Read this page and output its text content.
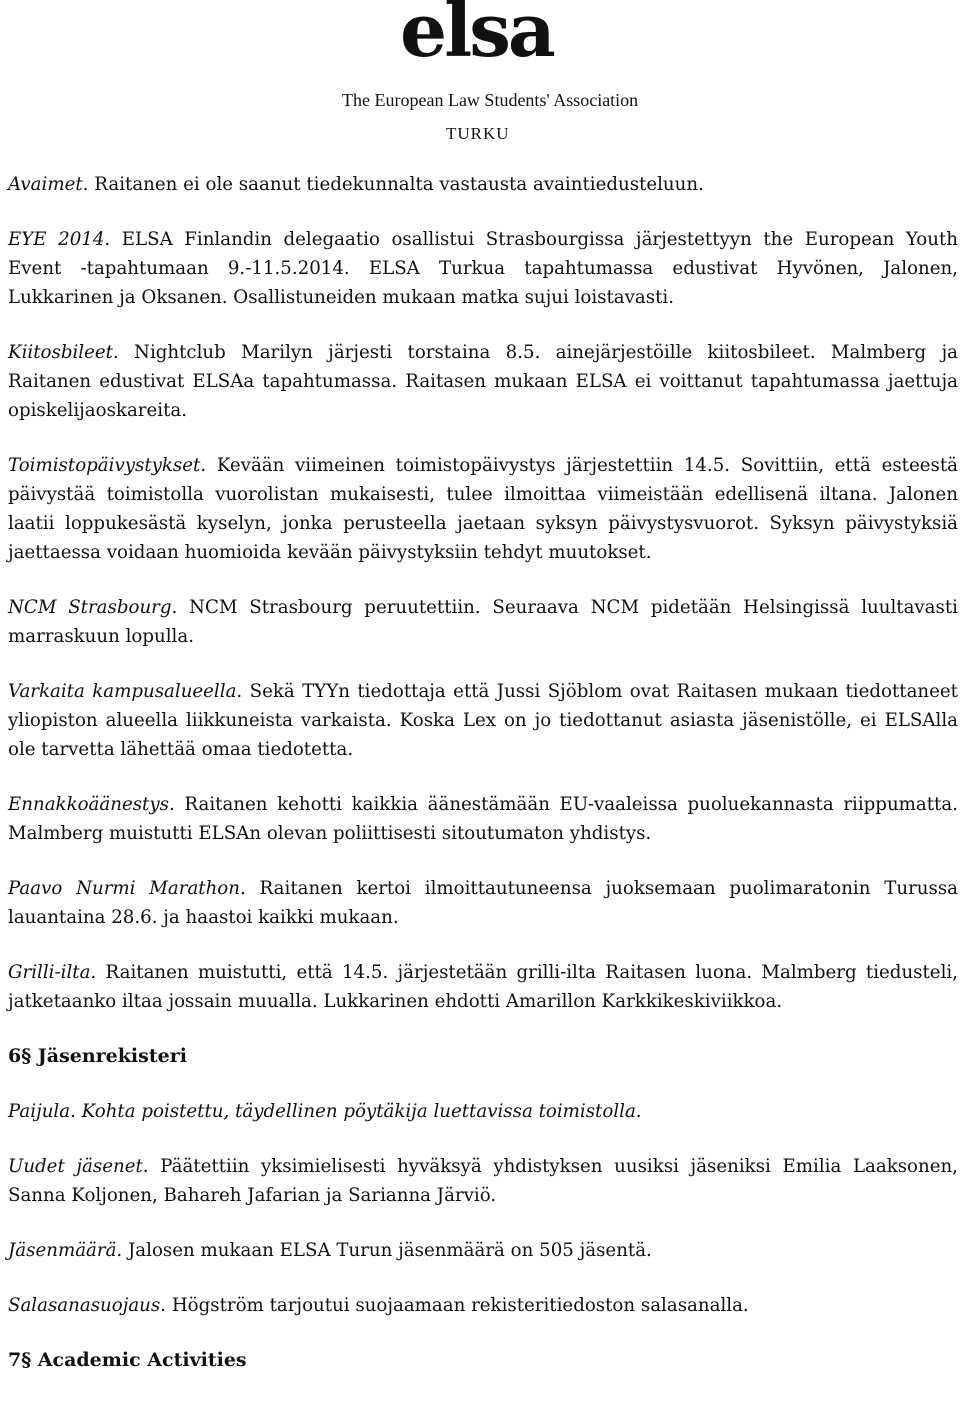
elsa
The European Law Students' Association
TURKU

Avaimet. Raitanen ei ole saanut tiedekunnalta vastausta avaintiedusteluun.

EYE 2014. ELSA Finlandin delegaatio osallistui Strasbourgissa järjestettyyn the European Youth Event -tapahtumaan 9.-11.5.2014. ELSA Turkua tapahtumassa edustivat Hyvönen, Jalonen, Lukkarinen ja Oksanen. Osallistuneiden mukaan matka sujui loistavasti.

Kiitosbileet. Nightclub Marilyn järjesti torstaina 8.5. ainejärjestöille kiitosbileet. Malmberg ja Raitanen edustivat ELSAa tapahtumassa. Raitasen mukaan ELSA ei voittanut tapahtumassa jaettuja opiskelijaoskareita.

Toimistopäivystykset. Kevään viimeinen toimistopäivystys järjestettiin 14.5. Sovittiin, että esteestä päivystää toimistolla vuorolistan mukaisesti, tulee ilmoittaa viimeistään edellisenä iltana. Jalonen laatii loppukesästä kyselyn, jonka perusteella jaetaan syksyn päivystysvuorot. Syksyn päivystyksiä jaettaessa voidaan huomioida kevään päivystyksiin tehdyt muutokset.

NCM Strasbourg. NCM Strasbourg peruutettiin. Seuraava NCM pidetään Helsingissä luultavasti marraskuun lopulla.

Varkaita kampusalueella. Sekä TYYn tiedottaja että Jussi Sjöblom ovat Raitasen mukaan tiedottaneet yliopiston alueella liikkuneista varkaista. Koska Lex on jo tiedottanut asiasta jäsenistölle, ei ELSAlla ole tarvetta lähettää omaa tiedotetta.

Ennakkoäänestys. Raitanen kehotti kaikkia äänestämään EU-vaaleissa puoluekannasta riippumatta. Malmberg muistutti ELSAn olevan poliittisesti sitoutumaton yhdistys.

Paavo Nurmi Marathon. Raitanen kertoi ilmoittautuneensa juoksemaan puolimaratonin Turussa lauantaina 28.6. ja haastoi kaikki mukaan.

Grilli-ilta. Raitanen muistutti, että 14.5. järjestetään grilli-ilta Raitasen luona. Malmberg tiedusteli, jatketaanko iltaa jossain muualla. Lukkarinen ehdotti Amarillon Karkkikeskiviikkoa.

6§ Jäsenrekisteri

Paijula. Kohta poistettu, täydellinen pöytäkija luettavissa toimistolla.

Uudet jäsenet. Päätettiin yksimielisesti hyväksyä yhdistyksen uusiksi jäseniksi Emilia Laaksonen, Sanna Koljonen, Bahareh Jafarian ja Sarianna Järviö.

Jäsenmäärä. Jalosen mukaan ELSA Turun jäsenmäärä on 505 jäsentä.

Salasanasuojaus. Högström tarjoutui suojaamaan rekisteritiedoston salasanalla.

7§ Academic Activities
